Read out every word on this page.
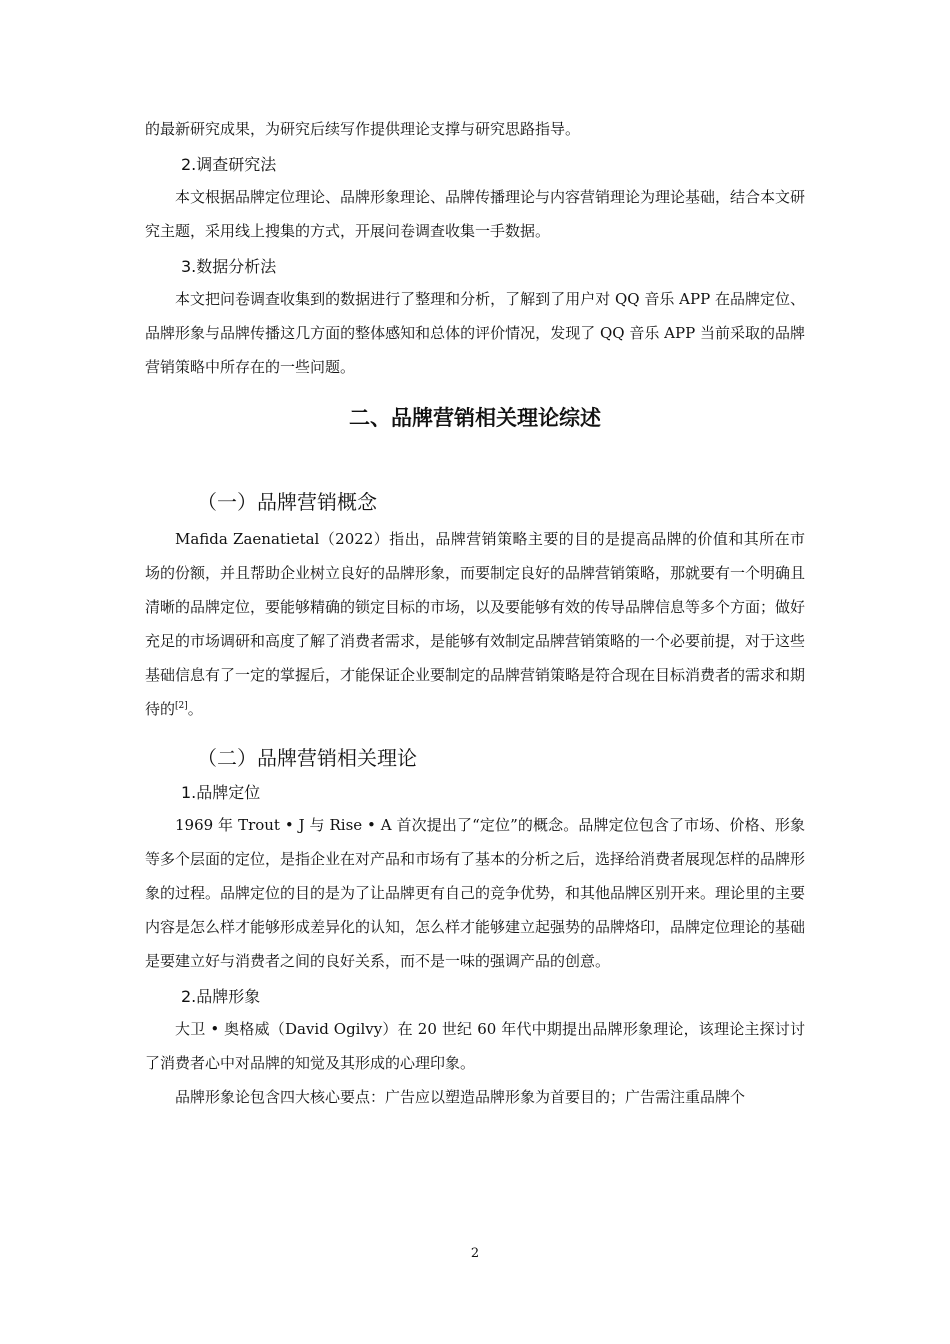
的最新研究成果，为研究后续写作提供理论支撑与研究思路指导。

2.调查研究法

本文根据品牌定位理论、品牌形象理论、品牌传播理论与内容营销理论为理论基础，结合本文研究主题，采用线上搜集的方式，开展问卷调查收集一手数据。

3.数据分析法

本文把问卷调查收集到的数据进行了整理和分析，了解到了用户对 QQ 音乐 APP 在品牌定位、品牌形象与品牌传播这几方面的整体感知和总体的评价情况，发现了 QQ 音乐 APP 当前采取的品牌营销策略中所存在的一些问题。

二、品牌营销相关理论综述
（一）品牌营销概念

Mafida Zaenatietal（2022）指出，品牌营销策略主要的目的是提高品牌的价值和其所在市场的份额，并且帮助企业树立良好的品牌形象，而要制定良好的品牌营销策略，那就要有一个明确且清晰的品牌定位，要能够精确的锁定目标的市场，以及要能够有效的传导品牌信息等多个方面；做好充足的市场调研和高度了解了消费者需求，是能够有效制定品牌营销策略的一个必要前提，对于这些基础信息有了一定的掌握后，才能保证企业要制定的品牌营销策略是符合现在目标消费者的需求和期待的[2]。

（二）品牌营销相关理论
1.品牌定位

1969 年 Trout • J 与 Rise • A 首次提出了“定位”的概念。品牌定位包含了市场、价格、形象等多个层面的定位，是指企业在对产品和市场有了基本的分析之后，选择给消费者展现怎样的品牌形象的过程。品牌定位的目的是为了让品牌更有自己的竞争优势，和其他品牌区别开来。理论里的主要内容是怎么样才能够形成差异化的认知，怎么样才能够建立起强势的品牌烙印，品牌定位理论的基础是要建立好与消费者之间的良好关系，而不是一味的强调产品的创意。

2.品牌形象

大卫 • 奥格威（David Ogilvy）在 20 世纪 60 年代中期提出品牌形象理论，该理论主探讨讨了消费者心中对品牌的知觉及其形成的心理印象。

品牌形象论包含四大核心要点：广告应以塑造品牌形象为首要目的；广告需注重品牌个

2
